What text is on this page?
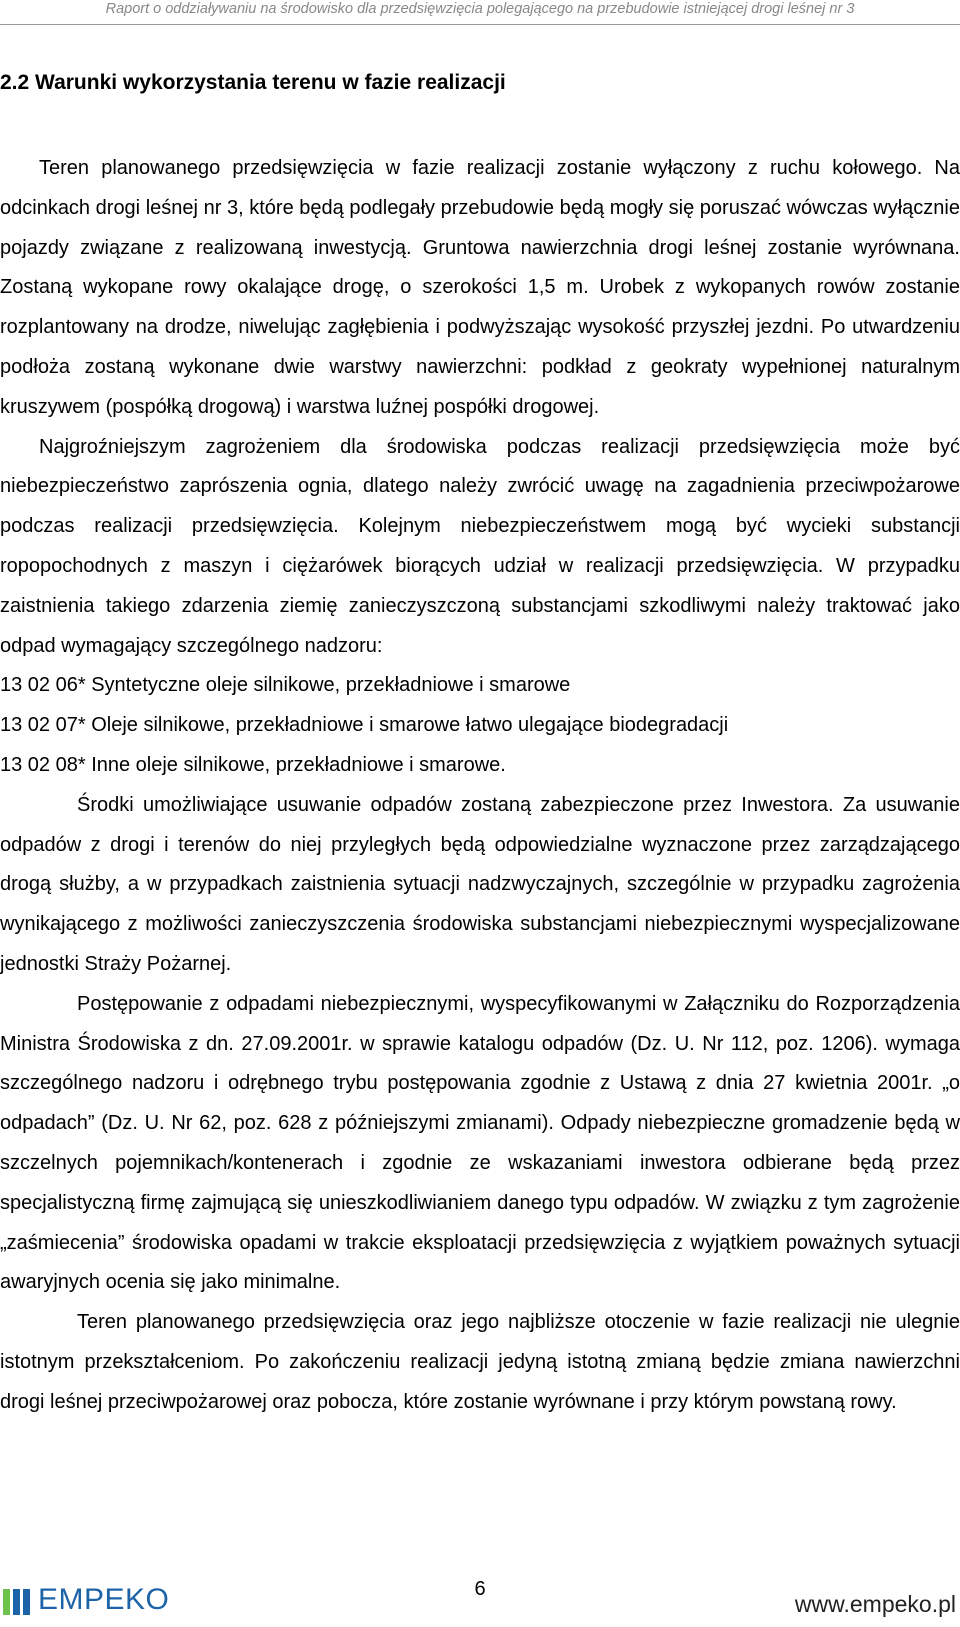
Raport o oddziaływaniu na środowisko dla przedsięwzięcia polegającego na przebudowie istniejącej drogi leśnej nr 3
2.2 Warunki wykorzystania terenu w fazie realizacji

Teren planowanego przedsięwzięcia w fazie realizacji zostanie wyłączony z ruchu kołowego. Na odcinkach drogi leśnej nr 3, które będą podlegały przebudowie będą mogły się poruszać wówczas wyłącznie pojazdy związane z realizowaną inwestycją. Gruntowa nawierzchnia drogi leśnej zostanie wyrównana. Zostaną wykopane rowy okalające drogę, o szerokości 1,5 m. Urobek z wykopanych rowów zostanie rozplantowany na drodze, niwelując zagłębienia i podwyższając wysokość przyszłej jezdni. Po utwardzeniu podłoża zostaną wykonane dwie warstwy nawierzchni: podkład z geokraty wypełnionej naturalnym kruszywem (pospółką drogową) i warstwa luźnej pospółki drogowej.

Najgroźniejszym zagrożeniem dla środowiska podczas realizacji przedsięwzięcia może być niebezpieczeństwo zaprószenia ognia, dlatego należy zwrócić uwagę na zagadnienia przeciwpożarowe podczas realizacji przedsięwzięcia. Kolejnym niebezpieczeństwem mogą być wycieki substancji ropopochodnych z maszyn i ciężarówek biorących udział w realizacji przedsięwzięcia. W przypadku zaistnienia takiego zdarzenia ziemię zanieczyszczoną substancjami szkodliwymi należy traktować jako odpad wymagający szczególnego nadzoru:

13 02 06* Syntetyczne oleje silnikowe, przekładniowe i smarowe

13 02 07* Oleje silnikowe, przekładniowe i smarowe łatwo ulegające biodegradacji

13 02 08* Inne oleje silnikowe, przekładniowe i smarowe.

Środki umożliwiające usuwanie odpadów zostaną zabezpieczone przez Inwestora. Za usuwanie odpadów z drogi i terenów do niej przyległych będą odpowiedzialne wyznaczone przez zarządzającego drogą służby, a w przypadkach zaistnienia sytuacji nadzwyczajnych, szczególnie w przypadku zagrożenia wynikającego z możliwości zanieczyszczenia środowiska substancjami niebezpiecznymi wyspecjalizowane jednostki Straży Pożarnej.

Postępowanie z odpadami niebezpiecznymi, wyspecyfikowanymi w Załączniku do Rozporządzenia Ministra Środowiska z dn. 27.09.2001r. w sprawie katalogu odpadów (Dz. U. Nr 112, poz. 1206). wymaga szczególnego nadzoru i odrębnego trybu postępowania zgodnie z Ustawą z dnia 27 kwietnia 2001r. „o odpadach” (Dz. U. Nr 62, poz. 628 z późniejszymi zmianami). Odpady niebezpieczne gromadzenie będą w szczelnych pojemnikach/kontenerach i zgodnie ze wskazaniami inwestora odbierane będą przez specjalistyczną firmę zajmującą się unieszkodliwianiem danego typu odpadów. W związku z tym zagrożenie „zaśmiecenia” środowiska opadami w trakcie eksploatacji przedsięwzięcia z wyjątkiem poważnych sytuacji awaryjnych ocenia się jako minimalne.

Teren planowanego przedsięwzięcia oraz jego najbliższe otoczenie w fazie realizacji nie ulegnie istotnym przekształceniom. Po zakończeniu realizacji jedyną istotną zmianą będzie zmiana nawierzchni drogi leśnej przeciwpożarowej oraz pobocza, które zostanie wyrównane i przy którym powstaną rowy.

EMPEKO	6
www.empeko.pl
